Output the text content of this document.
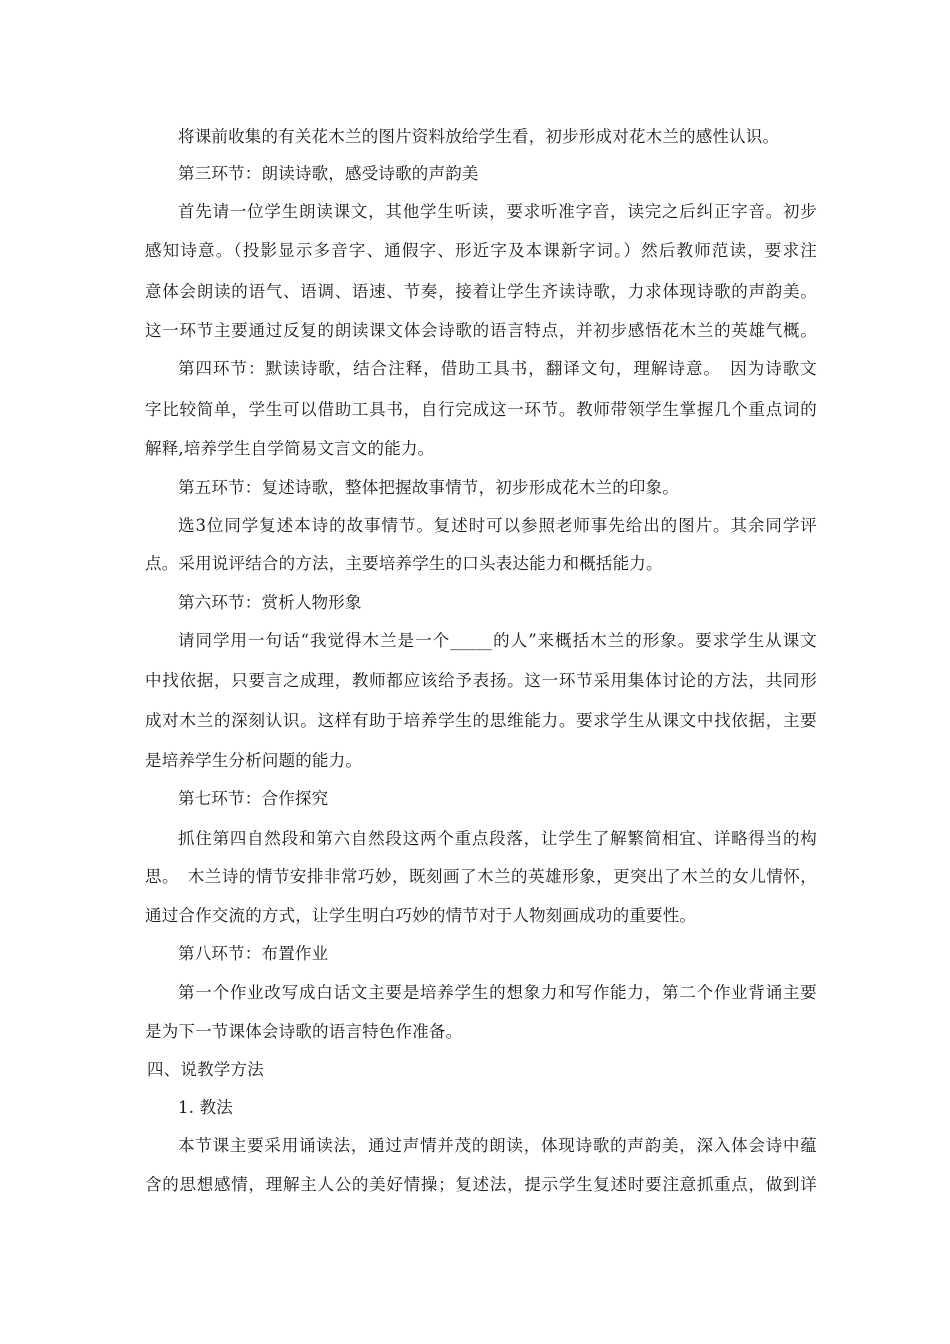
将课前收集的有关花木兰的图片资料放给学生看，初步形成对花木兰的感性认识。
第三环节：朗读诗歌，感受诗歌的声韵美
首先请一位学生朗读课文，其他学生听读，要求听准字音，读完之后纠正字音。初步
感知诗意。（投影显示多音字、通假字、形近字及本课新字词。）然后教师范读，要求注
意体会朗读的语气、语调、语速、节奏，接着让学生齐读诗歌，力求体现诗歌的声韵美。
这一环节主要通过反复的朗读课文体会诗歌的语言特点，并初步感悟花木兰的英雄气概。
第四环节：默读诗歌，结合注释，借助工具书，翻译文句，理解诗意。　因为诗歌文
字比较简单，学生可以借助工具书，自行完成这一环节。教师带领学生掌握几个重点词的
解释,培养学生自学简易文言文的能力。
第五环节：复述诗歌，整体把握故事情节，初步形成花木兰的印象。
选3位同学复述本诗的故事情节。复述时可以参照老师事先给出的图片。其余同学评
点。采用说评结合的方法，主要培养学生的口头表达能力和概括能力。
第六环节：赏析人物形象
请同学用一句话“我觉得木兰是一个_____的人”来概括木兰的形象。要求学生从课文
中找依据，只要言之成理，教师都应该给予表扬。这一环节采用集体讨论的方法，共同形
成对木兰的深刻认识。这样有助于培养学生的思维能力。要求学生从课文中找依据，主要
是培养学生分析问题的能力。
第七环节：合作探究
抓住第四自然段和第六自然段这两个重点段落，让学生了解繁简相宜、详略得当的构
思。　木兰诗的情节安排非常巧妙，既刻画了木兰的英雄形象，更突出了木兰的女儿情怀，
通过合作交流的方式，让学生明白巧妙的情节对于人物刻画成功的重要性。
第八环节：布置作业
第一个作业改写成白话文主要是培养学生的想象力和写作能力，第二个作业背诵主要
是为下一节课体会诗歌的语言特色作准备。
四、说教学方法
1. 教法
本节课主要采用诵读法，通过声情并茂的朗读，体现诗歌的声韵美，深入体会诗中蕴
含的思想感情，理解主人公的美好情操；复述法，提示学生复述时要注意抓重点，做到详
